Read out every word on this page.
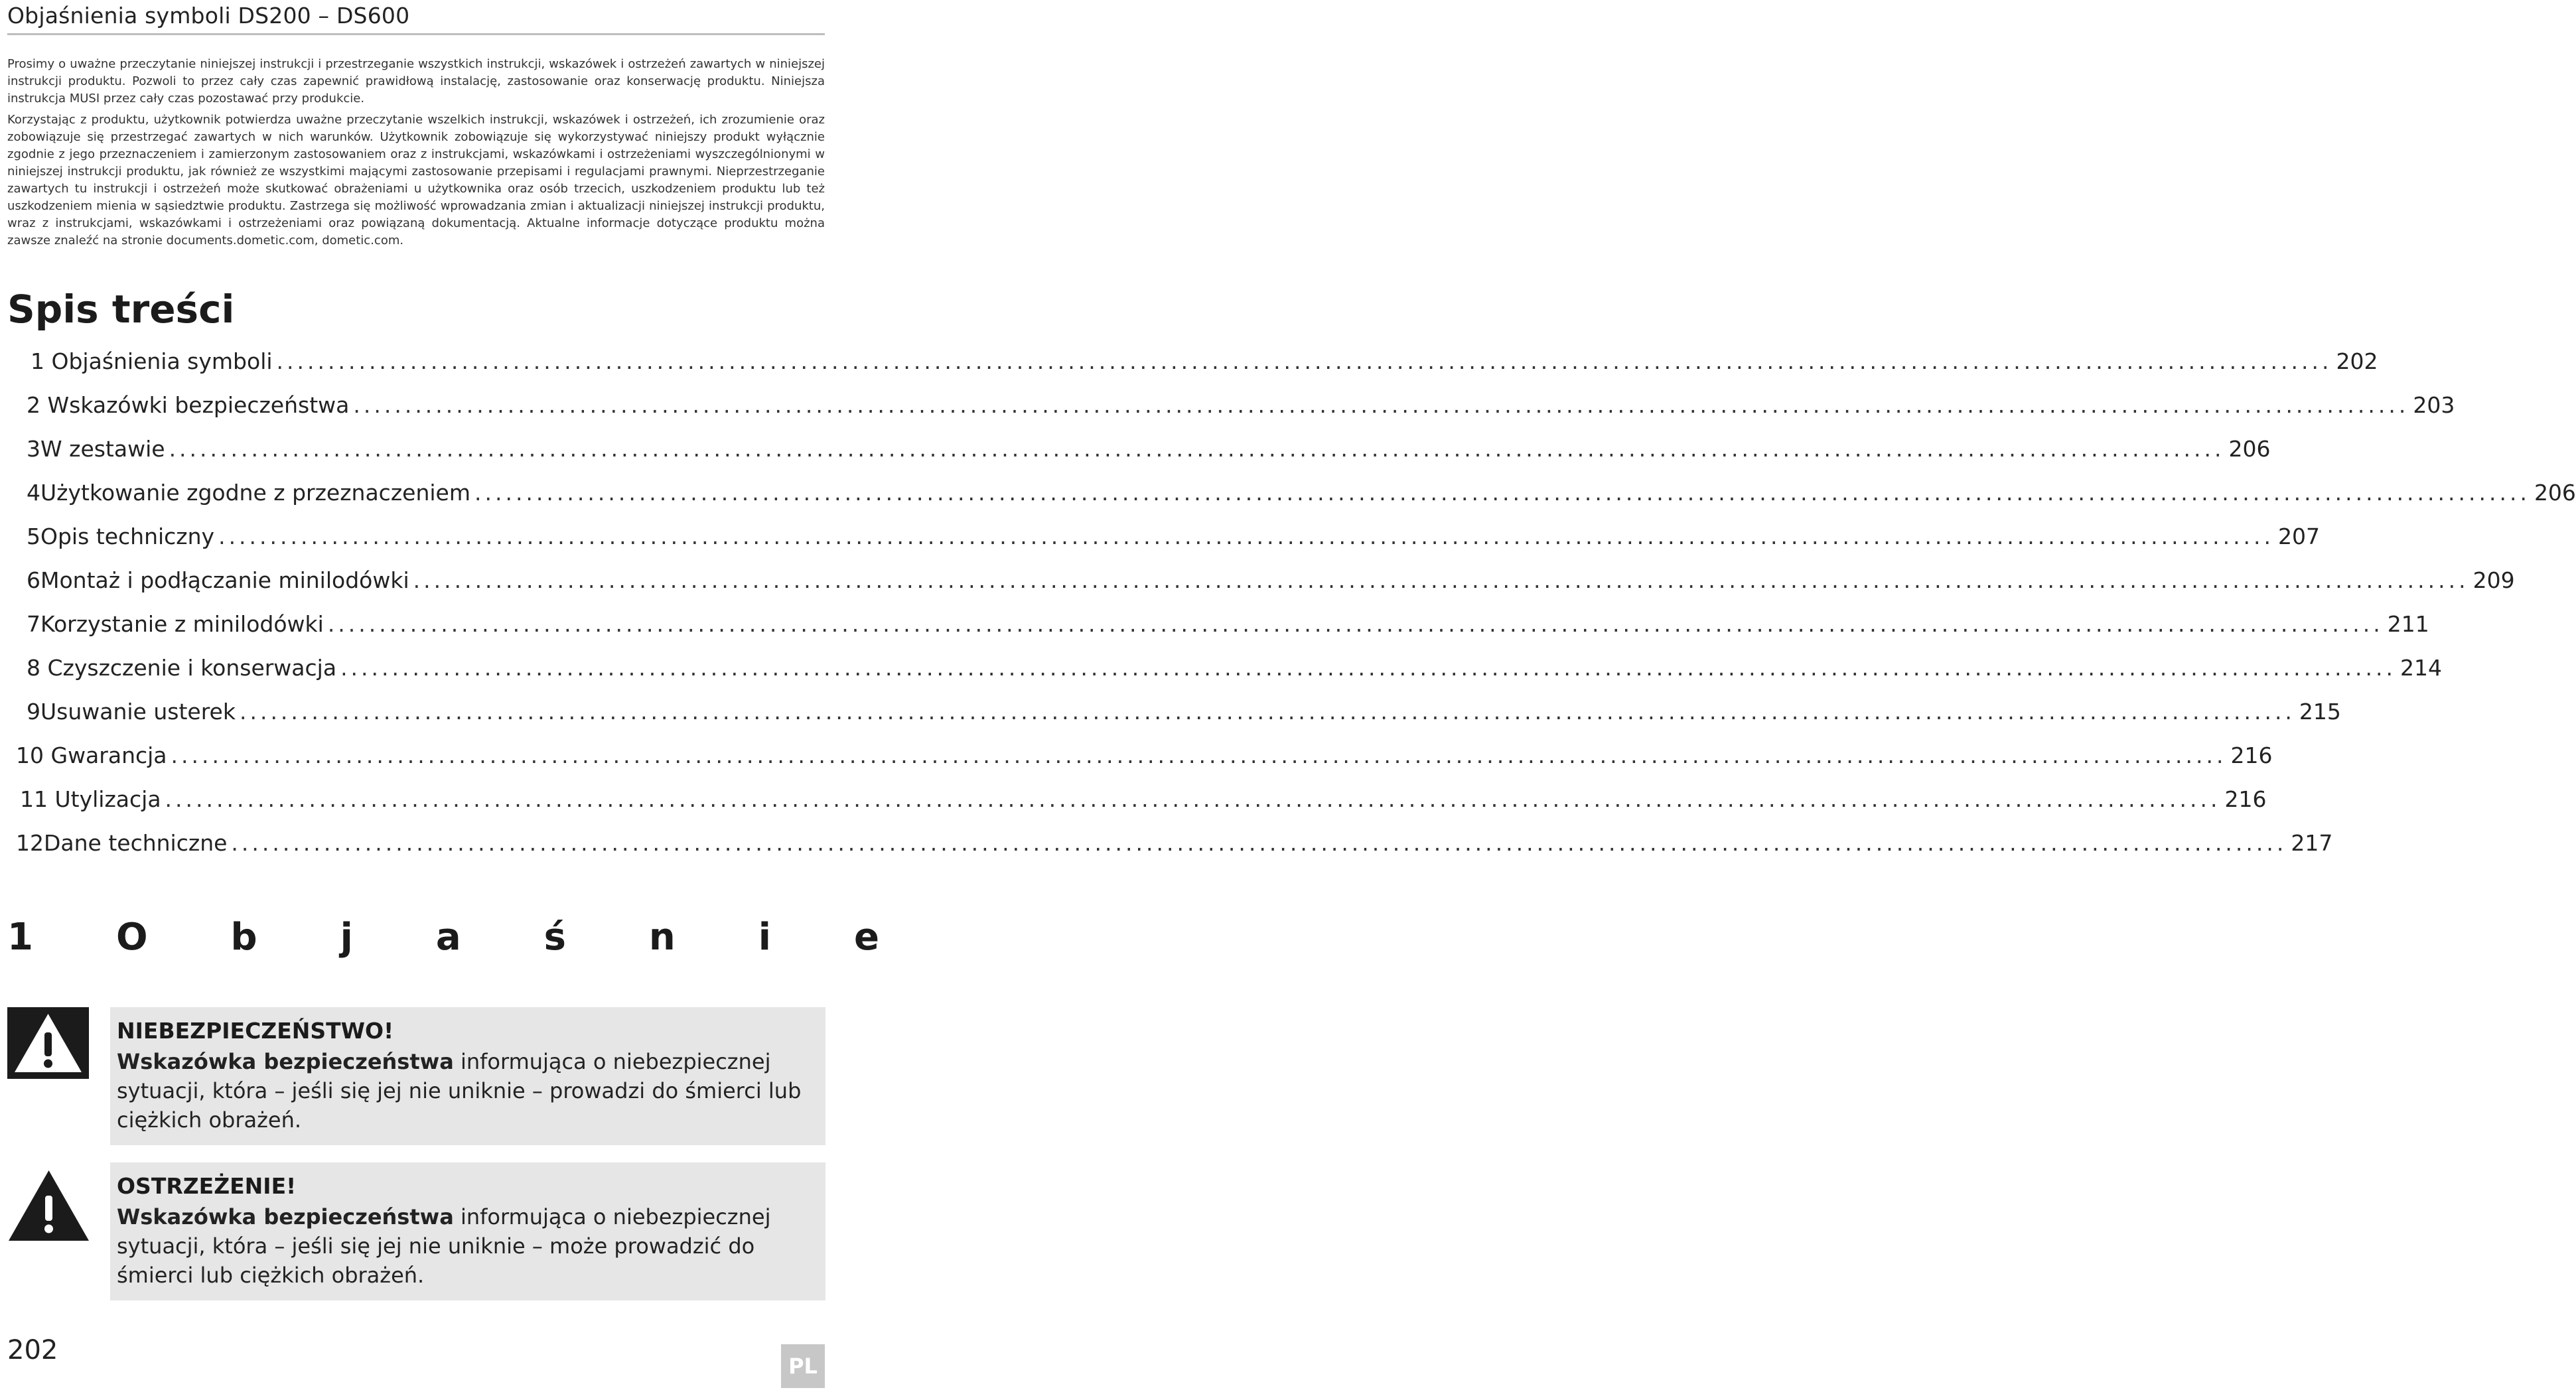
Objaśnienia symboli DS200 – DS600

Prosimy o uważne przeczytanie niniejszej instrukcji i przestrzeganie wszystkich instrukcji, wskazówek i ostrzeżeń zawartych w niniejszej instrukcji produktu. Pozwoli to przez cały czas zapewnić prawidłową instalację, zastosowanie oraz konserwację produktu. Niniejsza instrukcja MUSI przez cały czas pozostawać przy produkcie.

Korzystając z produktu, użytkownik potwierdza uważne przeczytanie wszelkich instrukcji, wskazówek i ostrzeżeń, ich zrozumienie oraz zobowiązuje się przestrzegać zawartych w nich warunków. Użytkownik zobowiązuje się wykorzystywać niniejszy produkt wyłącznie zgodnie z jego przeznaczeniem i zamierzonym zastosowaniem oraz z instrukcjami, wskazówkami i ostrzeżeniami wyszczególnionymi w niniejszej instrukcji produktu, jak również ze wszystkimi mającymi zastosowanie przepisami i regulacjami prawnymi. Nieprzestrzeganie zawartych tu instrukcji i ostrzeżeń może skutkować obrażeniami u użytkownika oraz osób trzecich, uszkodzeniem produktu lub też uszkodzeniem mienia w sąsiedztwie produktu. Zastrzega się możliwość wprowadzania zmian i aktualizacji niniejszej instrukcji produktu, wraz z instrukcjami, wskazówkami i ostrzeżeniami oraz powiązaną dokumentacją. Aktualne informacje dotyczące produktu można zawsze znaleźć na stronie documents.dometic.com, dometic.com.

Spis treści
1
Objaśnienia symboli ........................................................................................................................................................................................................ 202
2
Wskazówki bezpieczeństwa ........................................................................................................................................................................................................ 203
3 W zestawie ........................................................................................................................................................................................................ 206
4 Użytkowanie zgodne z przeznaczeniem ........................................................................................................................................................................................................ 206
5 Opis techniczny ........................................................................................................................................................................................................ 207
6 Montaż i podłączanie minilodówki ........................................................................................................................................................................................................ 209
7 Korzystanie z minilodówki ........................................................................................................................................................................................................ 211
8
Czyszczenie i konserwacja ........................................................................................................................................................................................................ 214
9 Usuwanie usterek ........................................................................................................................................................................................................ 215
10
Gwarancja ........................................................................................................................................................................................................ 216
11
Utylizacja ........................................................................................................................................................................................................ 216
12 Dane techniczne ........................................................................................................................................................................................................ 217
1 O b j a ś n i e

NIEBEZPIECZEŃSTWO!

Wskazówka bezpieczeństwa informująca o niebezpiecznej sytuacji, która – jeśli się jej nie uniknie – prowadzi do śmierci lub ciężkich obrażeń.

OSTRZEŻENIE!

Wskazówka bezpieczeństwa informująca o niebezpiecznej sytuacji, która – jeśli się jej nie uniknie – może prowadzić do śmierci lub ciężkich obrażeń.

202
PL
